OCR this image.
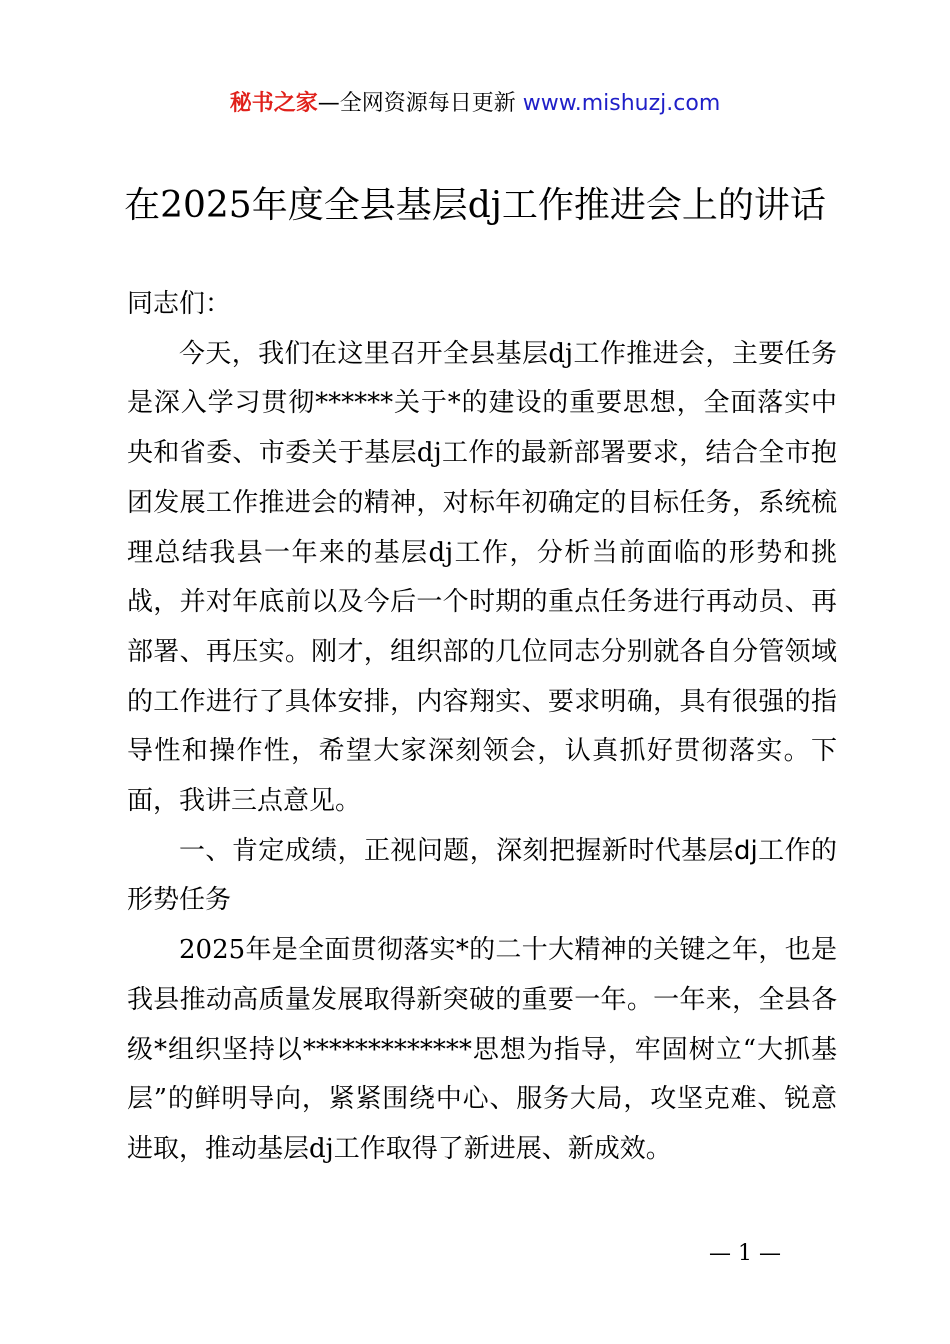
秘书之家—全网资源每日更新 www.mishuzj.com
在2025年度全县基层dj工作推进会上的讲话

同志们：

今天，我们在这里召开全县基层dj工作推进会，主要任务是深入学习贯彻******关于*的建设的重要思想，全面落实中央和省委、市委关于基层dj工作的最新部署要求，结合全市抱团发展工作推进会的精神，对标年初确定的目标任务，系统梳理总结我县一年来的基层dj工作，分析当前面临的形势和挑战，并对年底前以及今后一个时期的重点任务进行再动员、再部署、再压实。刚才，组织部的几位同志分别就各自分管领域的工作进行了具体安排，内容翔实、要求明确，具有很强的指导性和操作性，希望大家深刻领会，认真抓好贯彻落实。下面，我讲三点意见。

一、肯定成绩，正视问题，深刻把握新时代基层dj工作的形势任务

2025年是全面贯彻落实*的二十大精神的关键之年，也是我县推动高质量发展取得新突破的重要一年。一年来，全县各级*组织坚持以*************思想为指导，牢固树立“大抓基层”的鲜明导向，紧紧围绕中心、服务大局，攻坚克难、锐意进取，推动基层dj工作取得了新进展、新成效。

— 1 —
